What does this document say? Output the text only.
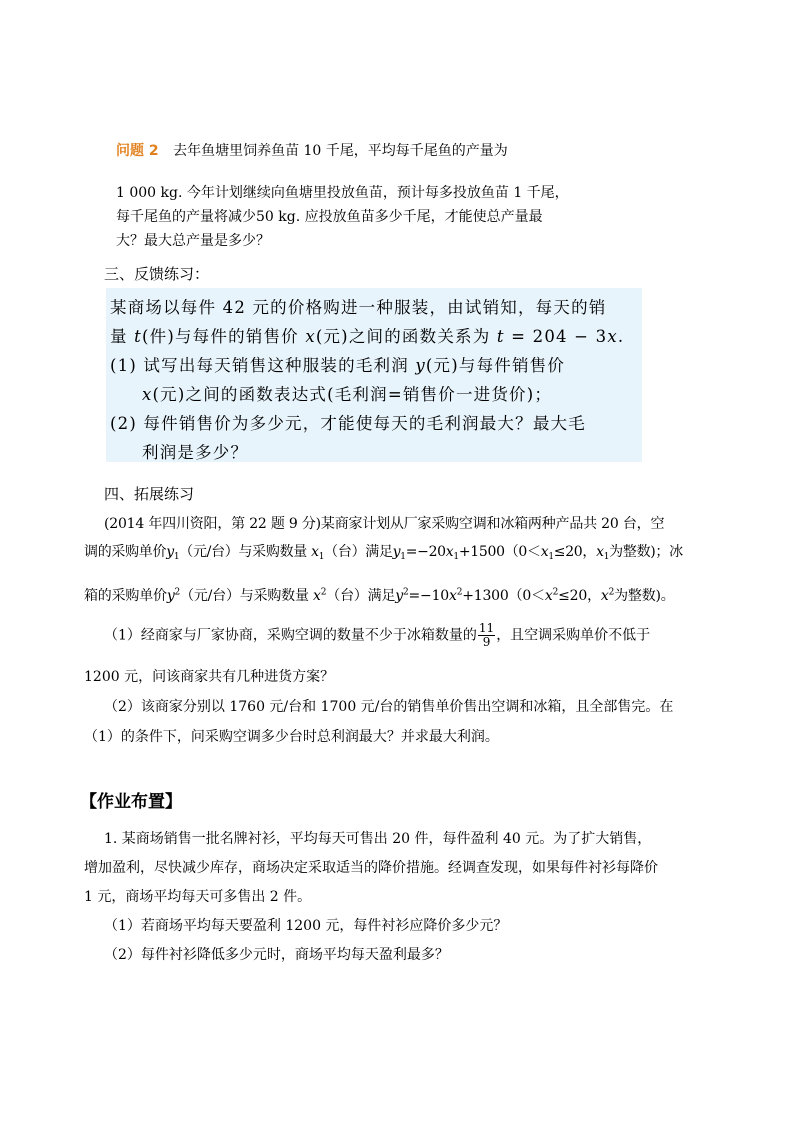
问题 2 去年鱼塘里饲养鱼苗 10 千尾，平均每千尾鱼的产量为
1 000 kg. 今年计划继续向鱼塘里投放鱼苗，预计每多投放鱼苗 1 千尾，
每千尾鱼的产量将减少50 kg. 应投放鱼苗多少千尾，才能使总产量最
大？最大总产量是多少？
三、反馈练习：
某商场以每件 42 元的价格购进一种服装，由试销知，每天的销
量 t(件)与每件的销售价 x(元)之间的函数关系为 t = 204 − 3x.
(1) 试写出每天销售这种服装的毛利润 y(元)与每件销售价
x(元)之间的函数表达式(毛利润=销售价一进货价)；
(2) 每件销售价为多少元，才能使每天的毛利润最大？最大毛
利润是多少？
四、拓展练习
(2014 年四川资阳，第 22 题 9 分)某商家计划从厂家采购空调和冰箱两种产品共 20 台，空
调的采购单价$y_1$（元/台）与采购数量 $x_1$（台）满足$y_1=-20x_1+1500(0<x_1\le 20$，$x_1$为整数)；冰
箱的采购单价$y^2$（元/台）与采购数量 $x^2$（台）满足$y^2=-10x^2+1300(0<x^2\le 20$，$x^2$为整数)。
（1）经商家与厂家协商，采购空调的数量不少于冰箱数量的 $\frac{11}{9}$ ，且空调采购单价不低于
1200 元，问该商家共有几种进货方案？
（2）该商家分别以 1760 元/台和 1700 元/台的销售单价售出空调和冰箱，且全部售完。在
（1）的条件下，问采购空调多少台时总利润最大？并求最大利润。
【作业布置】
1. 某商场销售一批名牌衬衫，平均每天可售出 20 件，每件盈利 40 元。为了扩大销售，
增加盈利，尽快减少库存，商场决定采取适当的降价措施。经调查发现，如果每件衬衫每降价
1 元，商场平均每天可多售出 2 件。
（1）若商场平均每天要盈利 1200 元，每件衬衫应降价多少元？
（2）每件衬衫降低多少元时，商场平均每天盈利最多？
